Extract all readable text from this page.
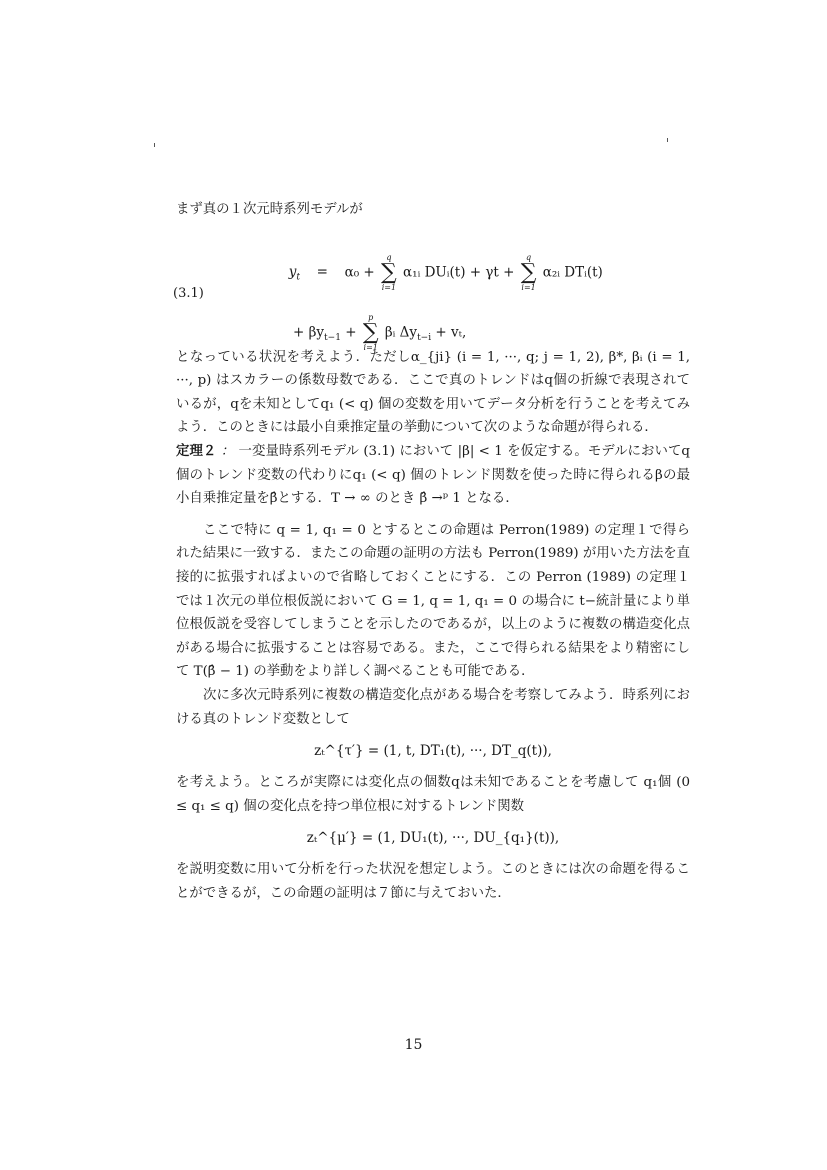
まず真の１次元時系列モデルが

(3.1)
$y_t = \alpha_0$ +
q
∑
i=1
α₁ᵢ DUᵢ(t) + γt +
q
∑
i=1
α₂ᵢ DTᵢ(t)
+ $\beta y_{t-1}$ +
p
∑
i=1
βᵢ $\Delta y_{t-i} + v_t$,

となっている状況を考えよう．ただしα_{ji} (i = 1, ···, q; j = 1, 2), β*, βᵢ (i = 1, ···, p) はスカラーの係数母数である．ここで真のトレンドはq個の折線で表現されているが，qを未知としてq₁ (< q) 個の変数を用いてデータ分析を行うことを考えてみよう．このときには最小自乗推定量の挙動について次のような命題が得られる．

定理２ ： 一変量時系列モデル (3.1) において |β| < 1 を仮定する。モデルにおいてq個のトレンド変数の代わりにq₁ (< q) 個のトレンド関数を使った時に得られるβの最小自乗推定量をβ̂とする．T → ∞ のとき β̂ →ᵖ 1 となる．

ここで特に q = 1, q₁ = 0 とするとこの命題は Perron(1989) の定理１で得られた結果に一致する．またこの命題の証明の方法も Perron(1989) が用いた方法を直接的に拡張すればよいので省略しておくことにする．この Perron (1989) の定理１では１次元の単位根仮説において G = 1, q = 1, q₁ = 0 の場合に t−統計量により単位根仮説を受容してしまうことを示したのであるが，以上のように複数の構造変化点がある場合に拡張することは容易である。また，ここで得られる結果をより精密にして T(β̂ − 1) の挙動をより詳しく調べることも可能である．

次に多次元時系列に複数の構造変化点がある場合を考察してみよう．時系列における真のトレンド変数として

zₜ^{τ′} = (1, t, DT₁(t), ···, DT_q(t)),

を考えよう。ところが実際には変化点の個数qは未知であることを考慮して q₁個 (0 ≤ q₁ ≤ q) 個の変化点を持つ単位根に対するトレンド関数

zₜ^{μ′} = (1, DU₁(t), ···, DU_{q₁}(t)),

を説明変数に用いて分析を行った状況を想定しよう。このときには次の命題を得ることができるが，この命題の証明は７節に与えておいた．

15
